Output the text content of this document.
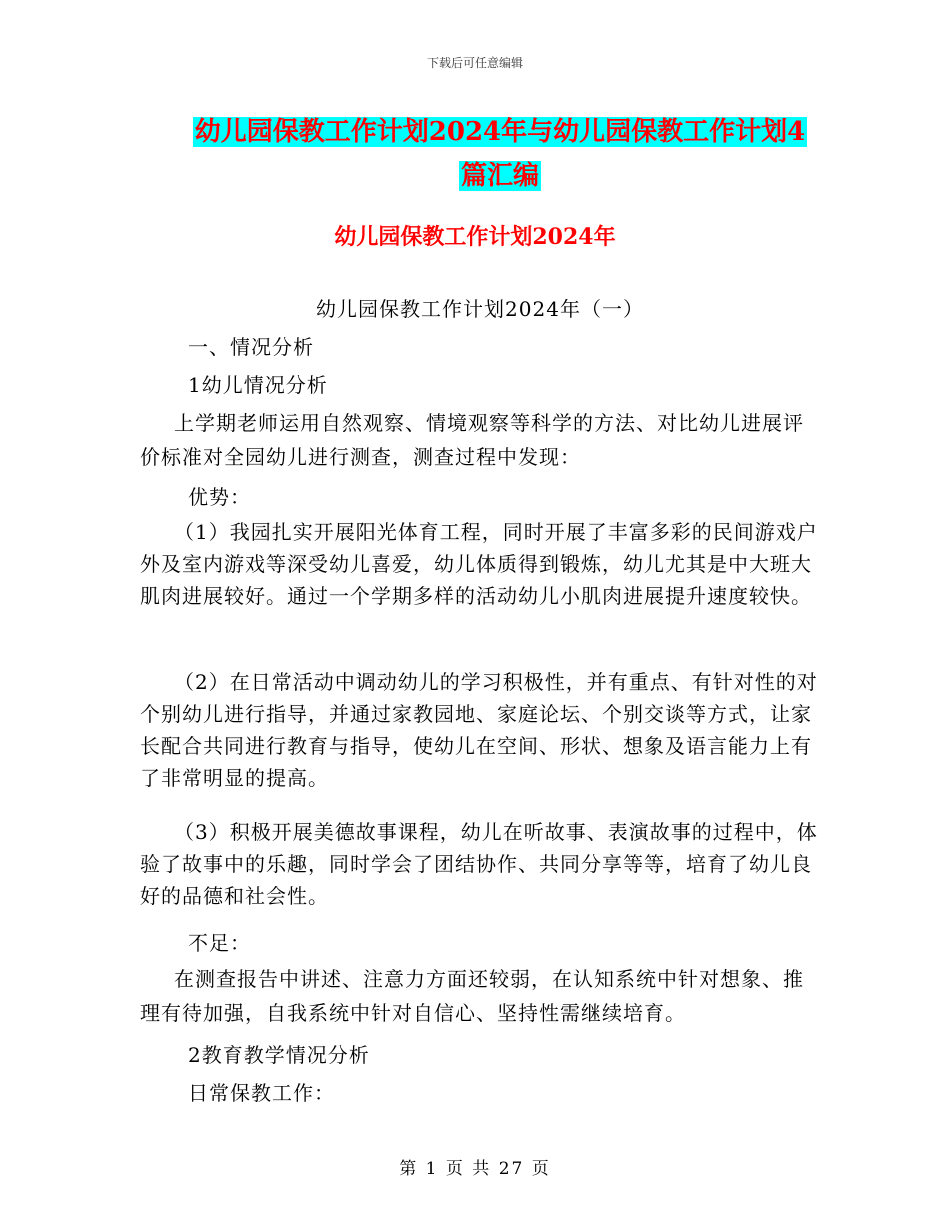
下载后可任意编辑
幼儿园保教工作计划2024年与幼儿园保教工作计划4
篇汇编
幼儿园保教工作计划2024年
幼儿园保教工作计划2024年（一）
一、情况分析
1幼儿情况分析
上学期老师运用自然观察、情境观察等科学的方法、对比幼儿进展评价标准对全园幼儿进行测查，测查过程中发现：
优势：
（1）我园扎实开展阳光体育工程，同时开展了丰富多彩的民间游戏户外及室内游戏等深受幼儿喜爱，幼儿体质得到锻炼，幼儿尤其是中大班大肌肉进展较好。通过一个学期多样的活动幼儿小肌肉进展提升速度较快。
（2）在日常活动中调动幼儿的学习积极性，并有重点、有针对性的对个别幼儿进行指导，并通过家教园地、家庭论坛、个别交谈等方式，让家长配合共同进行教育与指导，使幼儿在空间、形状、想象及语言能力上有了非常明显的提高。
（3）积极开展美德故事课程，幼儿在听故事、表演故事的过程中，体验了故事中的乐趣，同时学会了团结协作、共同分享等等，培育了幼儿良好的品德和社会性。
不足：
在测查报告中讲述、注意力方面还较弱，在认知系统中针对想象、推理有待加强，自我系统中针对自信心、坚持性需继续培育。
2教育教学情况分析
日常保教工作：
第 1 页 共 27 页
